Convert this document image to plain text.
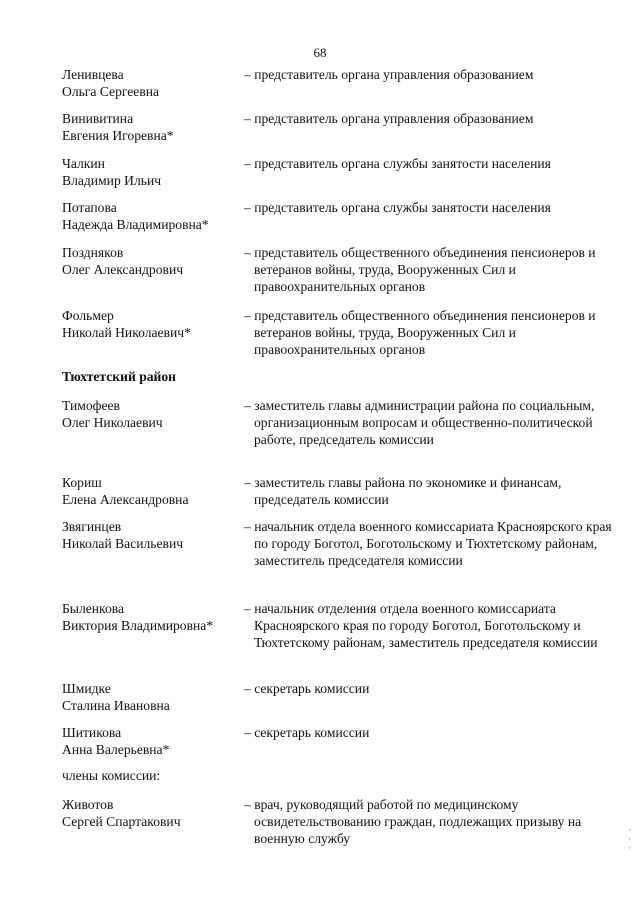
68
Ленивцева
Ольга Сергеевна
– представитель органа управления образованием
Винивитина
Евгения Игоревна*
– представитель органа управления образованием
Чалкин
Владимир Ильич
– представитель органа службы занятости населения
Потапова
Надежда Владимировна*
– представитель органа службы занятости населения
Поздняков
Олег Александрович
– представитель общественного объединения пенсионеров и ветеранов войны, труда, Вооруженных Сил и правоохранительных органов
Фольмер
Николай Николаевич*
– представитель общественного объединения пенсионеров и ветеранов войны, труда, Вооруженных Сил и правоохранительных органов
Тюхтетский район
Тимофеев
Олег Николаевич
– заместитель главы администрации района по социальным, организационным вопросам и общественно-политической работе, председатель комиссии
Кориш
Елена Александровна
– заместитель главы района по экономике и финансам, председатель комиссии
Звягинцев
Николай Васильевич
– начальник отдела военного комиссариата Красноярского края по городу Боготол, Боготольскому и Тюхтетскому районам, заместитель председателя комиссии
Быленкова
Виктория Владимировна*
– начальник отделения отдела военного комиссариата Красноярского края по городу Боготол, Боготольскому и Тюхтетскому районам, заместитель председателя комиссии
Шмидке
Сталина Ивановна
– секретарь комиссии
Шитикова
Анна Валерьевна*
– секретарь комиссии
члены комиссии:
Животов
Сергей Спартакович
– врач, руководящий работой по медицинскому освидетельствованию граждан, подлежащих призыву на военную службу
·
·
·
